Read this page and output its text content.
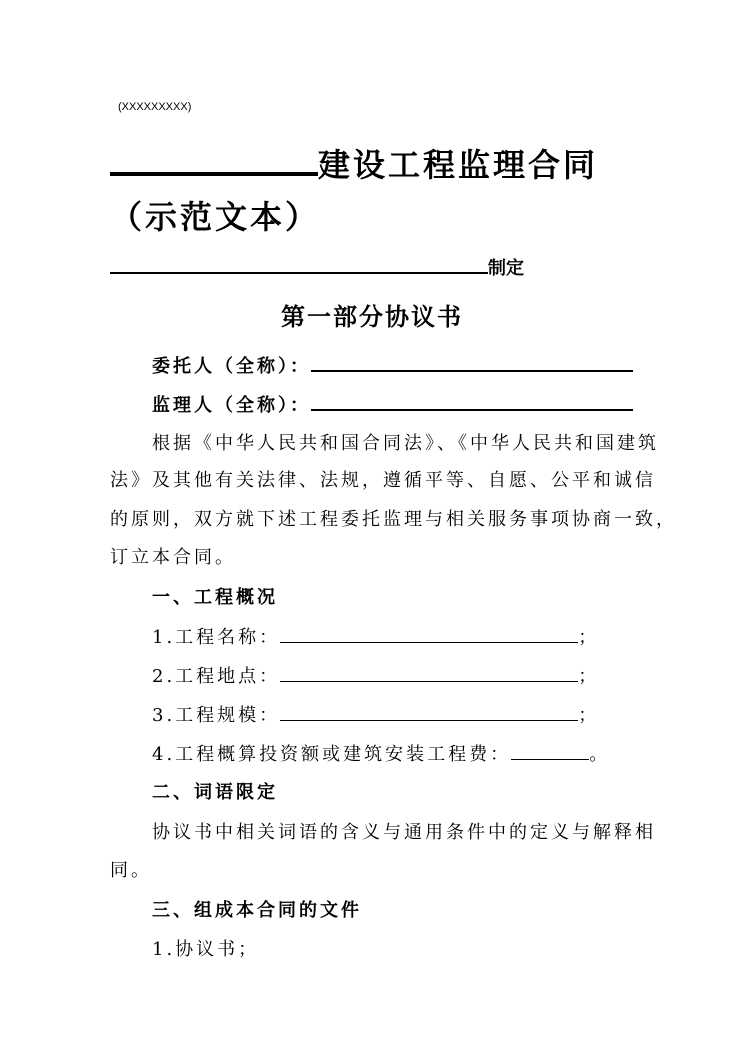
(XXXXXXXXX)
建设工程监理合同
（示范文本）
制定
第一部分协议书
委托人（全称）：
监理人（全称）：
根据《中华人民共和国合同法》、《中华人民共和国建筑
法》及其他有关法律、法规，遵循平等、自愿、公平和诚信
的原则，双方就下述工程委托监理与相关服务事项协商一致，
订立本合同。
一、工程概况
1.工程名称：	；
2.工程地点：	；
3.工程规模：	；
4.工程概算投资额或建筑安装工程费：	。
二、词语限定
协议书中相关词语的含义与通用条件中的定义与解释相
同。
三、组成本合同的文件
1.协议书；
